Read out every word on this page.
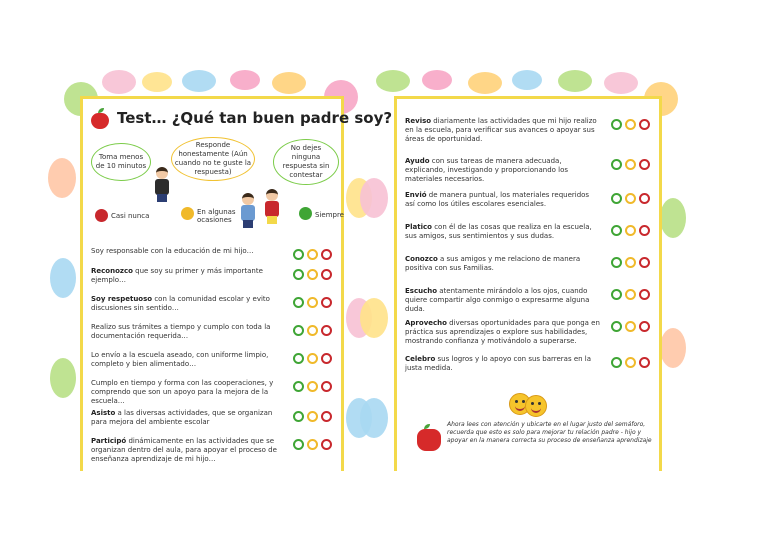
Test… ¿Qué tan buen padre soy?
Toma menos de 10 minutos
Responde honestamente (Aún cuando no te guste la respuesta)
No dejes ninguna respuesta sin contestar
Casi nunca	En algunas ocasiones
Siempre
Soy responsable con la educación de mi hijo…
Reconozco que soy su primer y más importante ejemplo…
Soy respetuoso con la comunidad escolar y evito discusiones sin sentido…
Realizo sus trámites a tiempo y cumplo con toda la documentación requerida…
Lo envío a la escuela aseado, con uniforme limpio, completo y bien alimentado…
Cumplo en tiempo y forma con las cooperaciones, y comprendo que son un apoyo para la mejora de la escuela…
Asisto a las diversas actividades, que se organizan para mejora del ambiente escolar
Participó dinámicamente en las actividades que se organizan dentro del aula, para apoyar el proceso de enseñanza aprendizaje de mi hijo…
Reviso diariamente las actividades que mi hijo realizo en la escuela, para verificar sus avances o apoyar sus áreas de oportunidad.
Ayudo con sus tareas de manera adecuada, explicando, investigando y proporcionando los materiales necesarios.
Envió de manera puntual, los materiales requeridos así como los útiles escolares esenciales.
Platico con él de las cosas que realiza en la escuela, sus amigos, sus sentimientos y sus dudas.
Conozco a sus amigos y me relaciono de manera positiva con sus Familias.
Escucho atentamente mirándolo a los ojos, cuando quiere compartir algo conmigo o expresarme alguna duda.
Aprovecho diversas oportunidades para que ponga en práctica sus aprendizajes o explore sus habilidades, mostrando confianza y motivándolo a superarse.
Celebro sus logros y lo apoyo con sus barreras en la justa medida.
Ahora lees con atención y ubicarte en el lugar justo del semáforo, recuerda que esto es solo para mejorar tu relación padre - hijo y apoyar en la manera correcta su proceso de enseñanza aprendizaje
